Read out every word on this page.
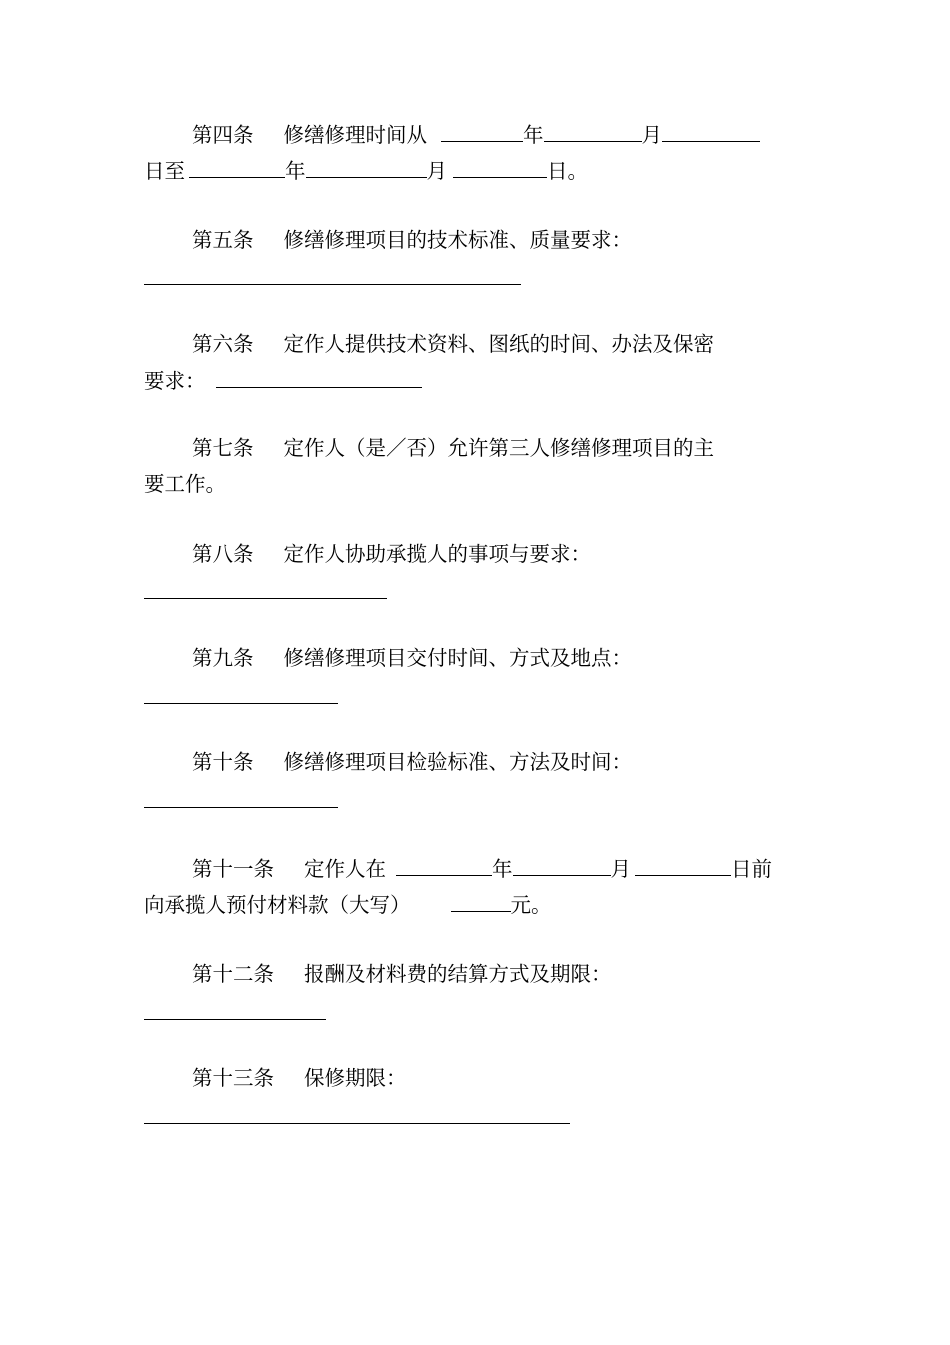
第四条 修缮修理时间从	年	月
日至	年	月	日。
第五条 修缮修理项目的技术标准、质量要求：
第六条 定作人提供技术资料、图纸的时间、办法及保密
要求：
第七条 定作人（是／否）允许第三人修缮修理项目的主
要工作。
第八条 定作人协助承揽人的事项与要求：
第九条 修缮修理项目交付时间、方式及地点：
第十条 修缮修理项目检验标准、方法及时间：
第十一条 定作人在	年	月	日前
向承揽人预付材料款（大写）	元。
第十二条 报酬及材料费的结算方式及期限：
第十三条 保修期限：
